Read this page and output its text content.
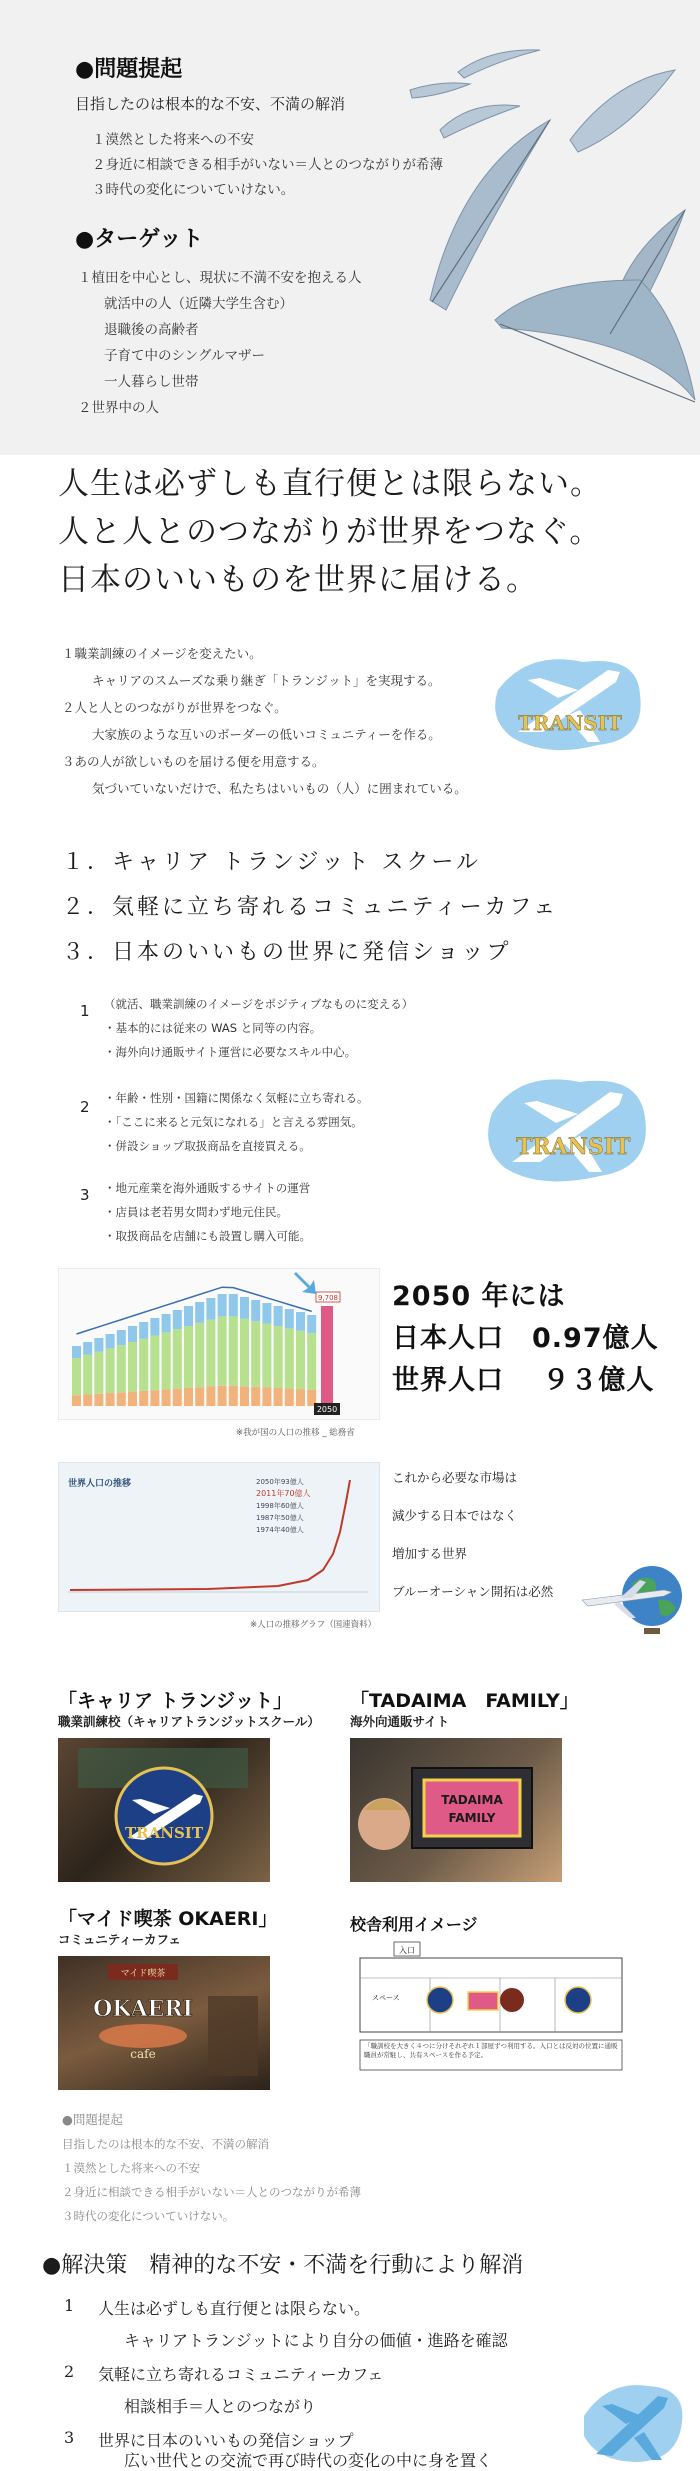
●問題提起
目指したのは根本的な不安、不満の解消
１漠然とした将来への不安
２身近に相談できる相手がいない＝人とのつながりが希薄
３時代の変化についていけない。
●ターゲット
１植田を中心とし、現状に不満不安を抱える人
就活中の人（近隣大学生含む）
退職後の高齢者
子育て中のシングルマザー
一人暮らし世帯
２世界中の人
人生は必ずしも直行便とは限らない。
人と人とのつながりが世界をつなぐ。
日本のいいものを世界に届ける。
１職業訓練のイメージを変えたい。
キャリアのスムーズな乗り継ぎ「トランジット」を実現する。
２人と人とのつながりが世界をつなぐ。
大家族のような互いのボーダーの低いコミュニティーを作る。
３あの人が欲しいものを届ける便を用意する。
気づいていないだけで、私たちはいいもの（人）に囲まれている。
TRANSIT
１．キャリア トランジット スクール
２．気軽に立ち寄れるコミュニティーカフェ
３．日本のいいもの世界に発信ショップ
1 （就活、職業訓練のイメージをポジティブなものに変える）
・基本的には従来の WAS と同等の内容。
・海外向け通販サイト運営に必要なスキル中心。
2 ・年齢・性別・国籍に関係なく気軽に立ち寄れる。
・「ここに来ると元気になれる」と言える雰囲気。
・併設ショップ取扱商品を直接買える。
3 ・地元産業を海外通販するサイトの運営
・店員は老若男女問わず地元住民。
・取扱商品を店舗にも設置し購入可能。
TRANSIT
2050
9,708
※我が国の人口の推移 _ 総務省
2050 年には
日本人口　0.97億人
世界人口　 ９３億人
世界人口の推移	2050年93億人
2011年70億人
1998年60億人
1987年50億人
1974年40億人
※人口の推移グラフ（国連資料）
これから必要な市場は
減少する日本ではなく
増加する世界
ブルーオーシャン開拓は必然
「キャリア トランジット」
職業訓練校（キャリアトランジットスクール）
TRANSIT
「TADAIMA　FAMILY」
海外向通販サイト
TADAIMA
FAMILY
「マイド喫茶 OKAERI」
コミュニティーカフェ
マイド喫茶
OKAERI
cafe
校舎利用イメージ
入口
スペース
「職訓校を大きく４つに分けそれぞれ１部屋ずつ利用する。入口とは反対の位置に通販職員が常駐し、共有スペースを作る予定。
●問題提起
目指したのは根本的な不安、不満の解消
１漠然とした将来への不安
２身近に相談できる相手がいない＝人とのつながりが希薄
３時代の変化についていけない。
●解決策　精神的な不安・不満を行動により解消
1 人生は必ずしも直行便とは限らない。
キャリアトランジットにより自分の価値・進路を確認
2 気軽に立ち寄れるコミュニティーカフェ
相談相手＝人とのつながり
3 世界に日本のいいもの発信ショップ
広い世代との交流で再び時代の変化の中に身を置く
